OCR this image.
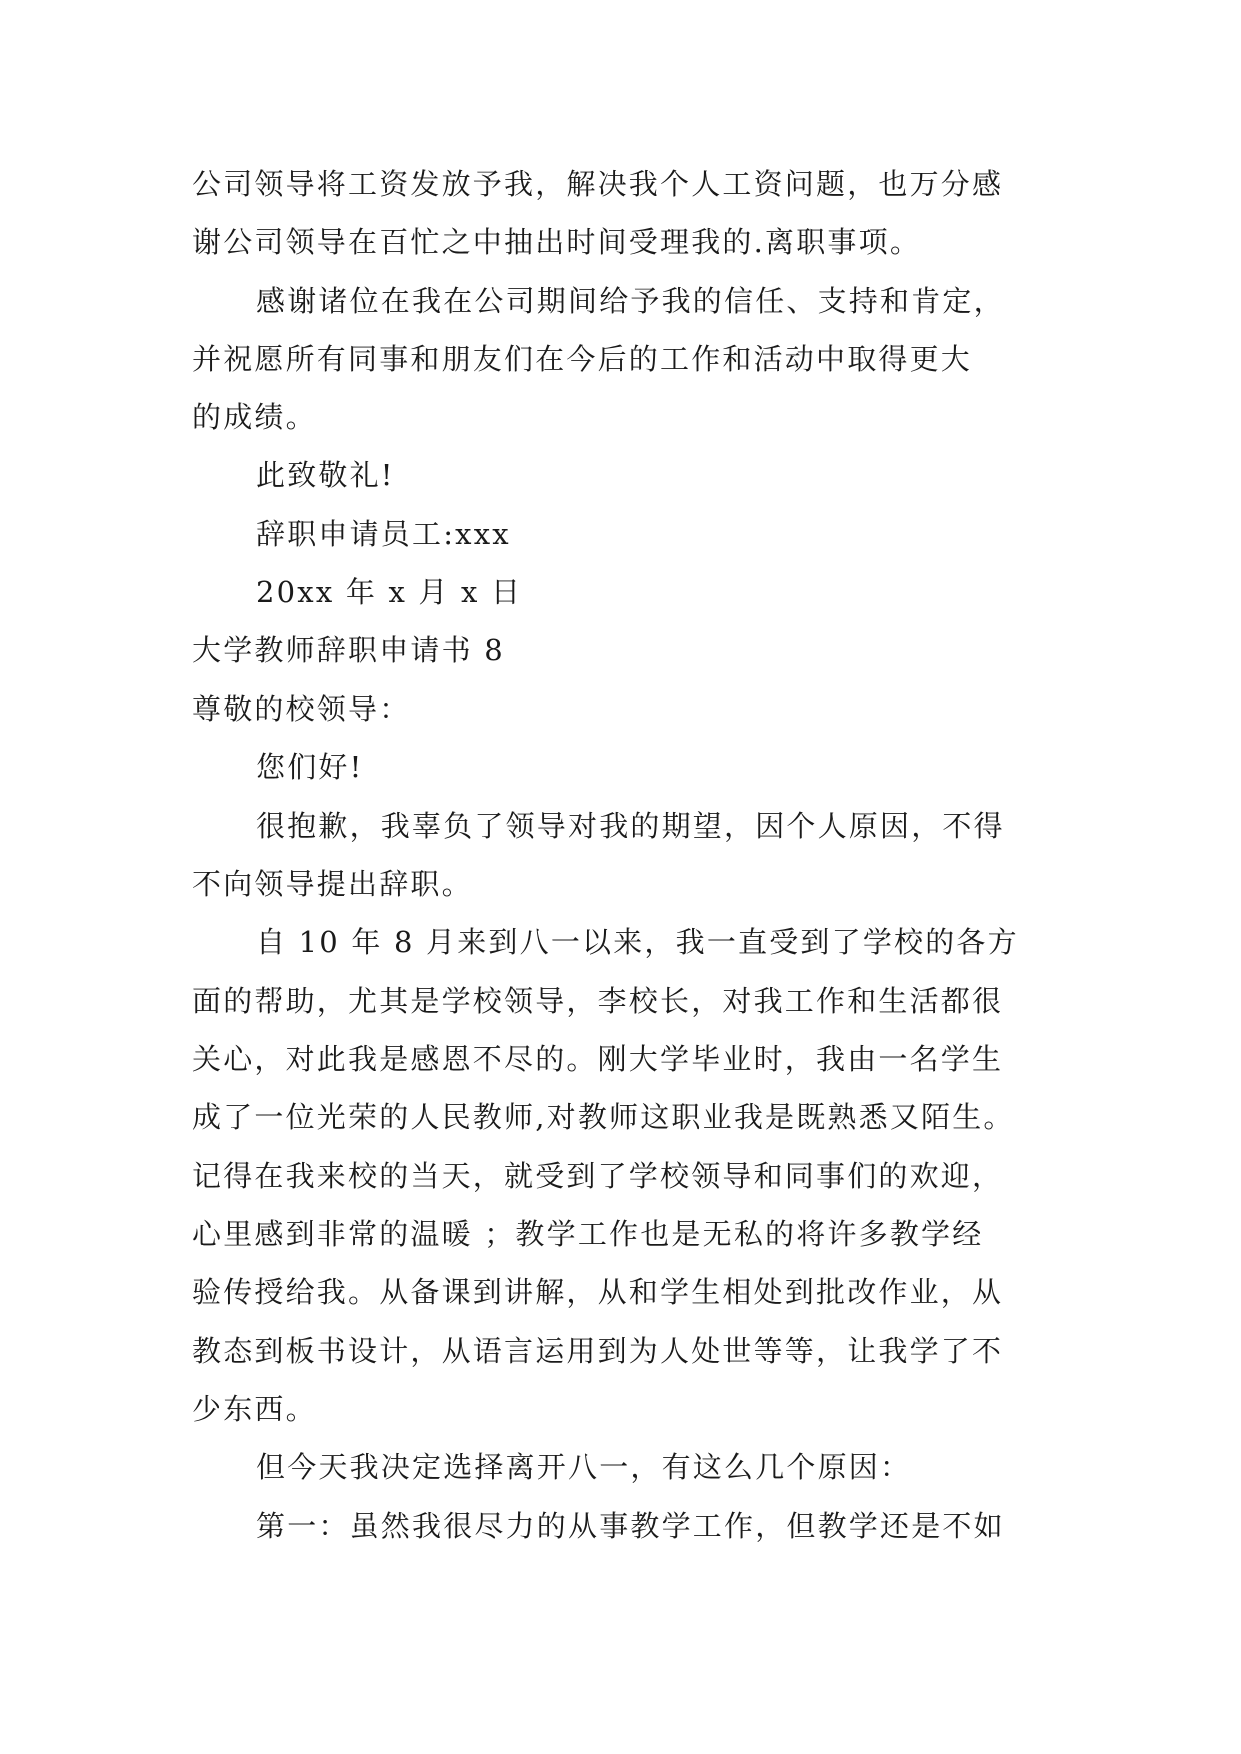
公司领导将工资发放予我，解决我个人工资问题，也万分感
谢公司领导在百忙之中抽出时间受理我的.离职事项。
感谢诸位在我在公司期间给予我的信任、支持和肯定，
并祝愿所有同事和朋友们在今后的工作和活动中取得更大
的成绩。
此致敬礼!
辞职申请员工:xxx
20xx 年 x 月 x 日
大学教师辞职申请书 8
尊敬的校领导：
您们好!
很抱歉，我辜负了领导对我的期望，因个人原因，不得
不向领导提出辞职。
自 10 年 8 月来到八一以来，我一直受到了学校的各方
面的帮助，尤其是学校领导，李校长，对我工作和生活都很
关心，对此我是感恩不尽的。刚大学毕业时，我由一名学生
成了一位光荣的人民教师,对教师这职业我是既熟悉又陌生。
记得在我来校的当天，就受到了学校领导和同事们的欢迎，
心里感到非常的温暖 ；教学工作也是无私的将许多教学经
验传授给我。从备课到讲解，从和学生相处到批改作业，从
教态到板书设计，从语言运用到为人处世等等，让我学了不
少东西。
但今天我决定选择离开八一，有这么几个原因：
第一：虽然我很尽力的从事教学工作，但教学还是不如
